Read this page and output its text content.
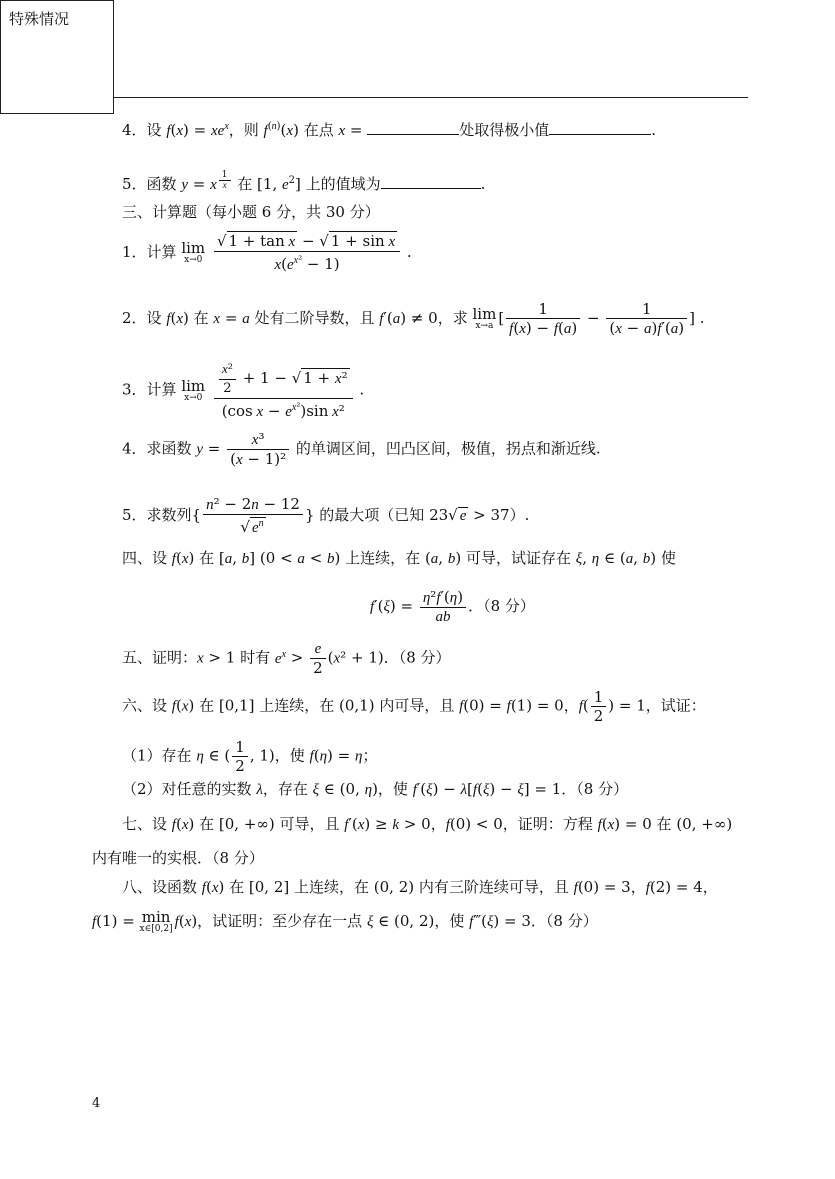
特殊情况
4．设 $f(x) = xe^x$，则 $f^{(n)}(x)$ 在点 x =	处取得极小值	.
5．函数 y = x $^{\frac{1}{x}}$ 在 [1, $e^2$] 上的值域为	.
三、计算题（每小题 6 分，共 30 分）
1．计算 lim
x→0
$\frac{\text{√ 1 + tan x − √ 1 + sin x}}{x(e^{x^2} - 1)}$ .
2．设 f(x) 在 x = a 处有二阶导数，且 f′(a) ≠ 0，求 lim
x→a [ $\frac{1}{f(x) - f(a)} - \frac{1}{(x - a)f'(a)}$ ] .
3．计算 lim
x→0
$\frac{\frac{\text{x²}}{2} + 1 - √ 1 + x^2}{(\cos x - e^{x^2})\sin x^2}$ .
4．求函数 $y = \frac{\text{x³}}{\text{(x − 1)²}}$ 的单调区间，凹凸区间，极值，拐点和渐近线.
5．求数列{ $\frac{\text{n² − 2n − 12}}{√ e^n}$ } 的最大项（已知 23√ e > 37）.
四、设 f(x) 在 [a, b] (0 < a < b) 上连续，在 (a, b) 可导，试证存在 ξ, η ∈ (a, b) 使
$f'(\xi) = \frac{\text{η²f′(η)}}{ab}$ ．（8 分）
五、证明：x > 1 时有 $e^x > \frac{e}{2} (x^2 + 1)$．（8 分）
六、设 f(x) 在 [0,1] 上连续，在 (0,1) 内可导，且 f(0) = f(1) = 0，$f( \frac{1}{2}$ ) = 1，试证：
（1）存在 η ∈ ( $\frac{1}{2}$ , 1)，使 f(η) = η；
（2）对任意的实数 λ，存在 ξ ∈ (0, η)，使 f′(ξ) − λ[f(ξ) − ξ] = 1．（8 分）
七、设 f(x) 在 [0, +∞) 可导，且 f′(x) ≥ k > 0，f(0) < 0，证明：方程 f(x) = 0 在 (0, +∞)
内有唯一的实根．（8 分）
八、设函数 f(x) 在 [0, 2] 上连续，在 (0, 2) 内有三阶连续可导，且 f(0) = 3，f(2) = 4，
f(1) = min
x∈[0,2] f(x)，试证明：至少存在一点 ξ ∈ (0, 2)，使 f‴(ξ) = 3．（8 分）
4
